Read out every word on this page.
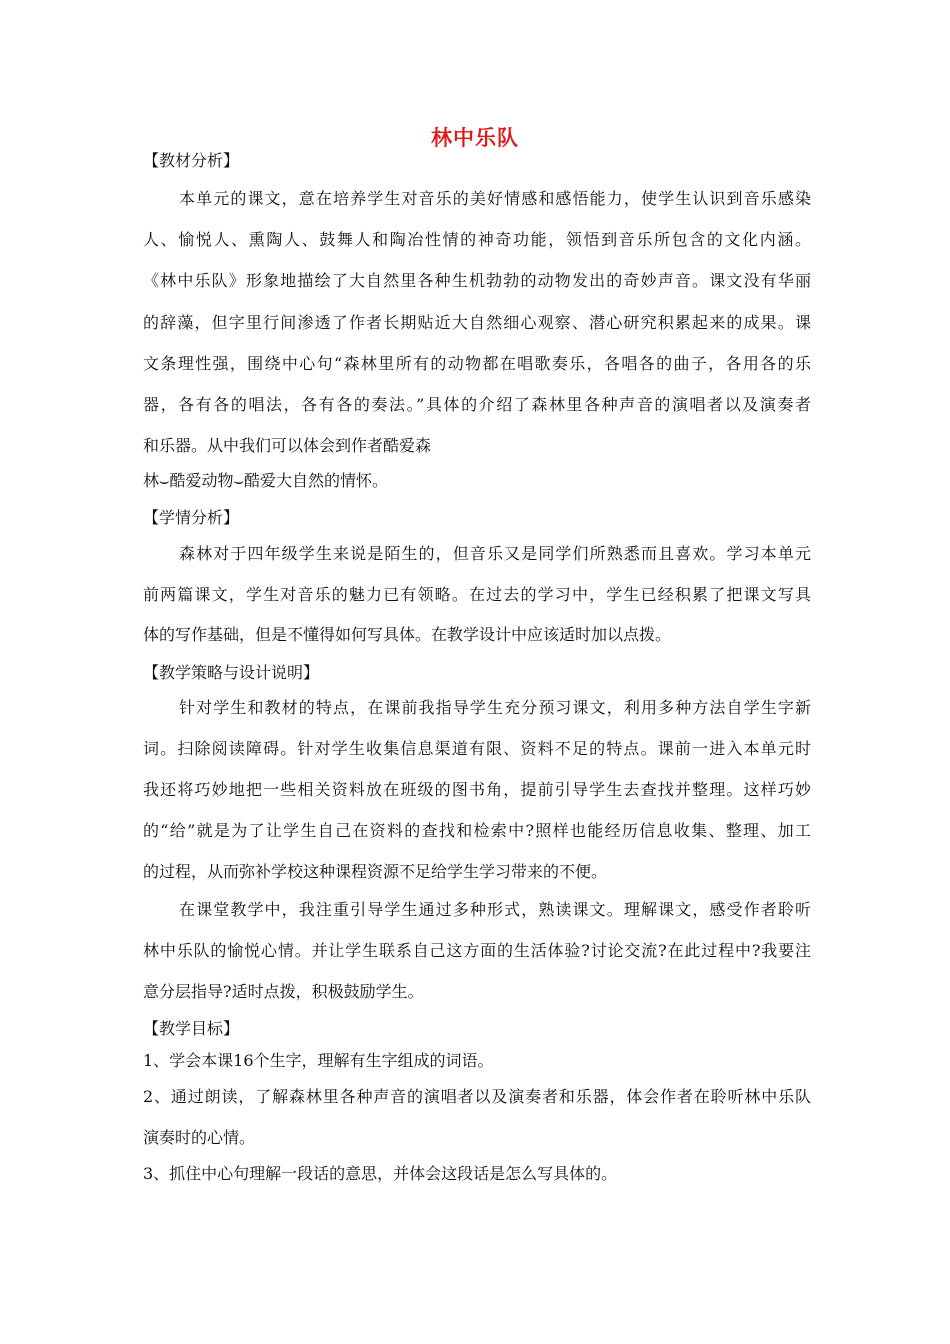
林中乐队
【教材分析】
本单元的课文，意在培养学生对音乐的美好情感和感悟能力，使学生认识到音乐感染
人、愉悦人、熏陶人、鼓舞人和陶冶性情的神奇功能，领悟到音乐所包含的文化内涵。
《林中乐队》形象地描绘了大自然里各种生机勃勃的动物发出的奇妙声音。课文没有华丽
的辞藻，但字里行间渗透了作者长期贴近大自然细心观察、潜心研究积累起来的成果。课
文条理性强，围绕中心句“森林里所有的动物都在唱歌奏乐，各唱各的曲子，各用各的乐
器，各有各的唱法，各有各的奏法。”具体的介绍了森林里各种声音的演唱者以及演奏者
和乐器。从中我们可以体会到作者酷爱森
林⌣酷爱动物⌣酷爱大自然的情怀。
【学情分析】
森林对于四年级学生来说是陌生的，但音乐又是同学们所熟悉而且喜欢。学习本单元
前两篇课文，学生对音乐的魅力已有领略。在过去的学习中，学生已经积累了把课文写具
体的写作基础，但是不懂得如何写具体。在教学设计中应该适时加以点拨。
【教学策略与设计说明】
针对学生和教材的特点，在课前我指导学生充分预习课文，利用多种方法自学生字新
词。扫除阅读障碍。针对学生收集信息渠道有限、资料不足的特点。课前一进入本单元时
我还将巧妙地把一些相关资料放在班级的图书角，提前引导学生去查找并整理。这样巧妙
的“给”就是为了让学生自己在资料的查找和检索中?照样也能经历信息收集、整理、加工
的过程，从而弥补学校这种课程资源不足给学生学习带来的不便。
在课堂教学中，我注重引导学生通过多种形式，熟读课文。理解课文，感受作者聆听
林中乐队的愉悦心情。并让学生联系自己这方面的生活体验?讨论交流?在此过程中?我要注
意分层指导?适时点拨，积极鼓励学生。
【教学目标】
1、学会本课16个生字，理解有生字组成的词语。
2、通过朗读，了解森林里各种声音的演唱者以及演奏者和乐器，体会作者在聆听林中乐队
演奏时的心情。
3、抓住中心句理解一段话的意思，并体会这段话是怎么写具体的。
